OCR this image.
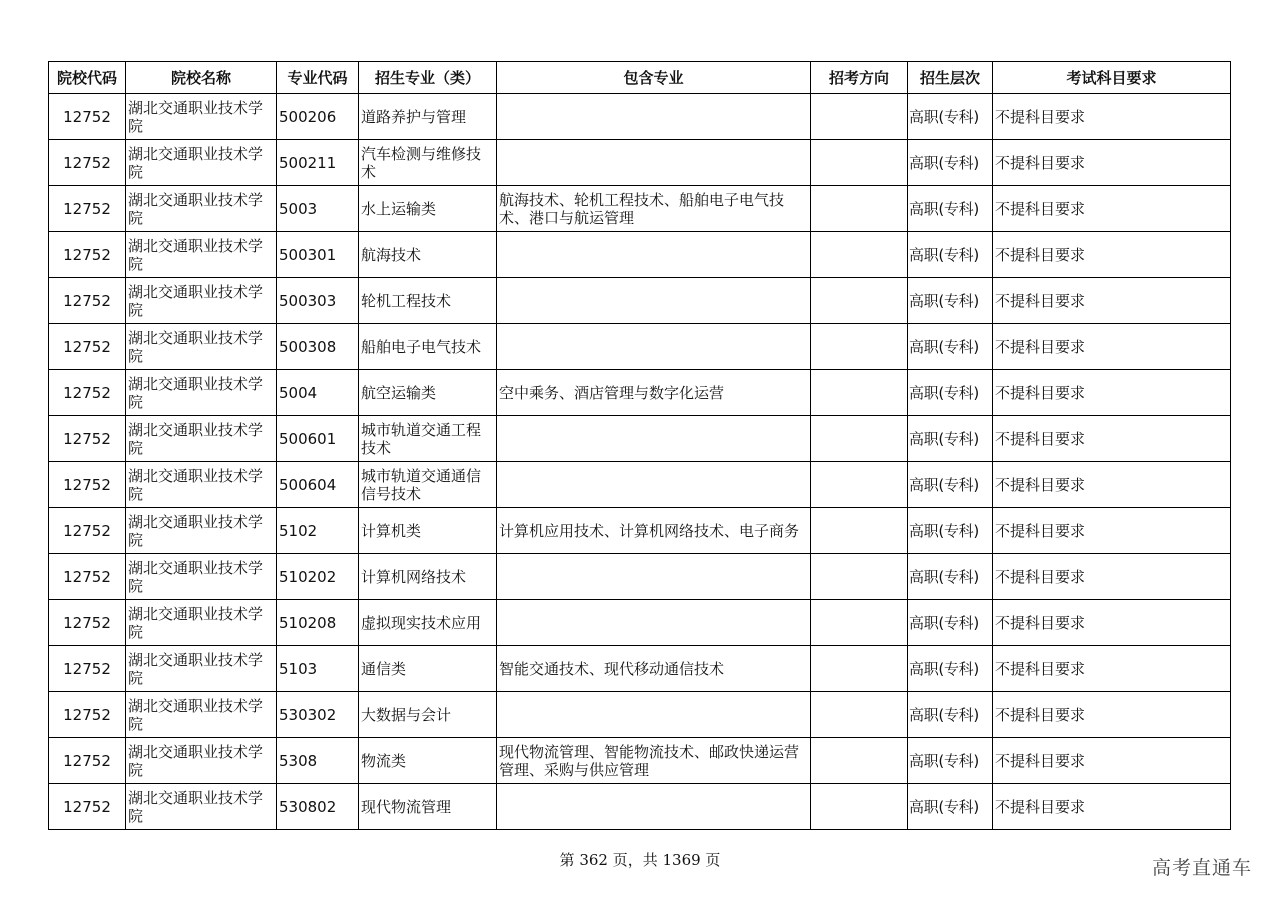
院校代码	院校名称	专业代码	招生专业（类）	包含专业	招考方向	招生层次	考试科目要求
12752	湖北交通职业技术学院	500206	道路养护与管理			高职(专科)	不提科目要求
12752	湖北交通职业技术学院	500211	汽车检测与维修技术			高职(专科)	不提科目要求
12752	湖北交通职业技术学院	5003	水上运输类	航海技术、轮机工程技术、船舶电子电气技术、港口与航运管理		高职(专科)	不提科目要求
12752	湖北交通职业技术学院	500301	航海技术			高职(专科)	不提科目要求
12752	湖北交通职业技术学院	500303	轮机工程技术			高职(专科)	不提科目要求
12752	湖北交通职业技术学院	500308	船舶电子电气技术			高职(专科)	不提科目要求
12752	湖北交通职业技术学院	5004	航空运输类	空中乘务、酒店管理与数字化运营		高职(专科)	不提科目要求
12752	湖北交通职业技术学院	500601	城市轨道交通工程技术			高职(专科)	不提科目要求
12752	湖北交通职业技术学院	500604	城市轨道交通通信信号技术			高职(专科)	不提科目要求
12752	湖北交通职业技术学院	5102	计算机类	计算机应用技术、计算机网络技术、电子商务		高职(专科)	不提科目要求
12752	湖北交通职业技术学院	510202	计算机网络技术			高职(专科)	不提科目要求
12752	湖北交通职业技术学院	510208	虚拟现实技术应用			高职(专科)	不提科目要求
12752	湖北交通职业技术学院	5103	通信类	智能交通技术、现代移动通信技术		高职(专科)	不提科目要求
12752	湖北交通职业技术学院	530302	大数据与会计			高职(专科)	不提科目要求
12752	湖北交通职业技术学院	5308	物流类	现代物流管理、智能物流技术、邮政快递运营管理、采购与供应管理		高职(专科)	不提科目要求
12752	湖北交通职业技术学院	530802	现代物流管理			高职(专科)	不提科目要求
第 362 页，共 1369 页	高考直通车
